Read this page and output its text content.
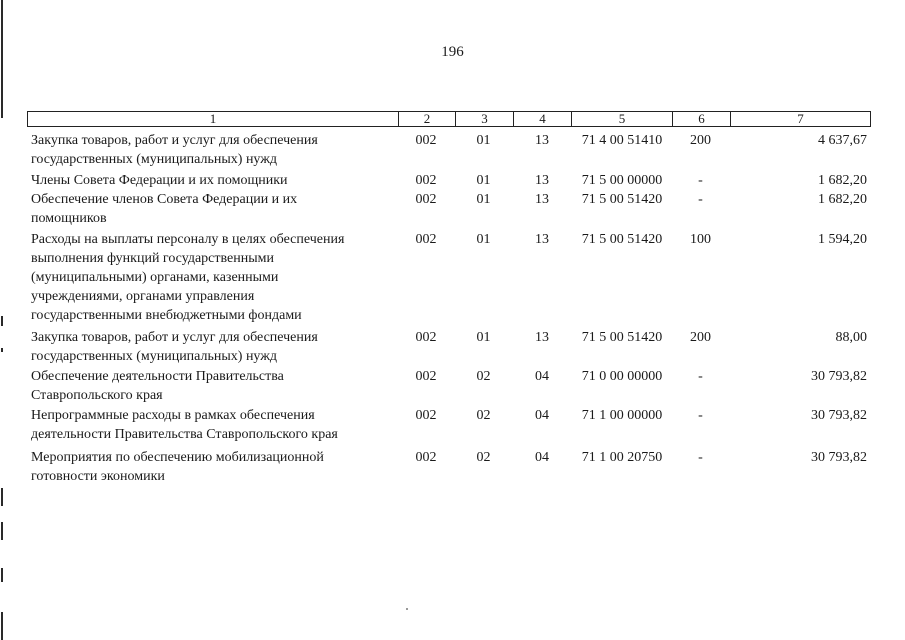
196
1	2	3	4	5	6	7
Закупка товаров, работ и услуг для обеспечения
государственных (муниципальных) нужд
002	01	13	71 4 00 51410	200	4 637,67
Члены Совета Федерации и их помощники	002	01	13	71 5 00 00000	-	1 682,20
Обеспечение членов Совета Федерации и их
помощников
002	01	13	71 5 00 51420	-	1 682,20
Расходы на выплаты персоналу в целях обеспечения
выполнения функций государственными
(муниципальными) органами, казенными
учреждениями, органами управления
государственными внебюджетными фондами
002	01	13	71 5 00 51420	100	1 594,20
Закупка товаров, работ и услуг для обеспечения
государственных (муниципальных) нужд
002	01	13	71 5 00 51420	200	88,00
Обеспечение деятельности Правительства
Ставропольского края
002	02	04	71 0 00 00000	-	30 793,82
Непрограммные расходы в рамках обеспечения
деятельности Правительства Ставропольского края
002	02	04	71 1 00 00000	-	30 793,82
Мероприятия по обеспечению мобилизационной
готовности экономики
002	02	04	71 1 00 20750	-	30 793,82
